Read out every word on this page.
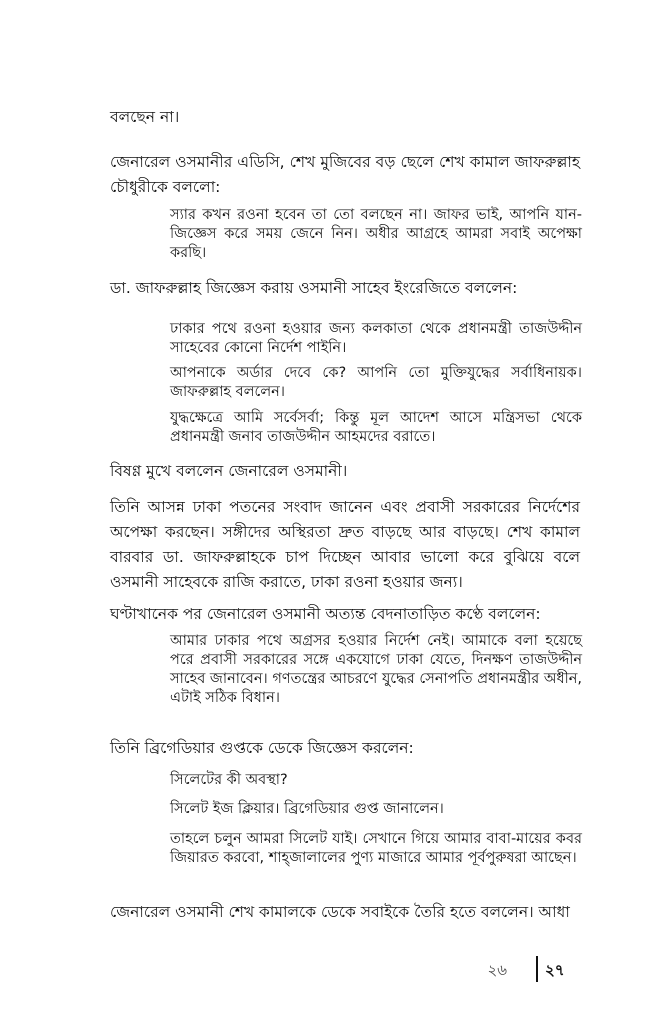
বলছেন না।

জেনারেল ওসমানীর এডিসি, শেখ মুজিবের বড় ছেলে শেখ কামাল জাফরুল্লাহ চৌধুরীকে বললো:

স্যার কখন রওনা হবেন তা তো বলছেন না। জাফর ভাই, আপনি যান- জিজ্ঞেস করে সময় জেনে নিন। অধীর আগ্রহে আমরা সবাই অপেক্ষা করছি।

ডা. জাফরুল্লাহ জিজ্ঞেস করায় ওসমানী সাহেব ইংরেজিতে বললেন:

ঢাকার পথে রওনা হওয়ার জন্য কলকাতা থেকে প্রধানমন্ত্রী তাজউদ্দীন সাহেবের কোনো নির্দেশ পাইনি।

আপনাকে অর্ডার দেবে কে? আপনি তো মুক্তিযুদ্ধের সর্বাধিনায়ক। জাফরুল্লাহ বললেন।

যুদ্ধক্ষেত্রে আমি সর্বেসর্বা; কিন্তু মূল আদেশ আসে মন্ত্রিসভা থেকে প্রধানমন্ত্রী জনাব তাজউদ্দীন আহমদের বরাতে।

বিষণ্ণ মুখে বললেন জেনারেল ওসমানী।

তিনি আসন্ন ঢাকা পতনের সংবাদ জানেন এবং প্রবাসী সরকারের নির্দেশের অপেক্ষা করছেন। সঙ্গীদের অস্থিরতা দ্রুত বাড়ছে আর বাড়ছে। শেখ কামাল বারবার ডা. জাফরুল্লাহকে চাপ দিচ্ছেন আবার ভালো করে বুঝিয়ে বলে ওসমানী সাহেবকে রাজি করাতে, ঢাকা রওনা হওয়ার জন্য।

ঘণ্টাখানেক পর জেনারেল ওসমানী অত্যন্ত বেদনাতাড়িত কণ্ঠে বললেন:

আমার ঢাকার পথে অগ্রসর হওয়ার নির্দেশ নেই। আমাকে বলা হয়েছে পরে প্রবাসী সরকারের সঙ্গে একযোগে ঢাকা যেতে, দিনক্ষণ তাজউদ্দীন সাহেব জানাবেন। গণতন্ত্রের আচরণে যুদ্ধের সেনাপতি প্রধানমন্ত্রীর অধীন, এটাই সঠিক বিধান।

তিনি ব্রিগেডিয়ার গুপ্তকে ডেকে জিজ্ঞেস করলেন:

সিলেটের কী অবস্থা?

সিলেট ইজ ক্লিয়ার। ব্রিগেডিয়ার গুপ্ত জানালেন।

তাহলে চলুন আমরা সিলেট যাই। সেখানে গিয়ে আমার বাবা-মায়ের কবর জিয়ারত করবো, শাহ্‌জালালের পুণ্য মাজারে আমার পূর্বপুরুষরা আছেন।

জেনারেল ওসমানী শেখ কামালকে ডেকে সবাইকে তৈরি হতে বললেন। আধা

২৬	২৭
